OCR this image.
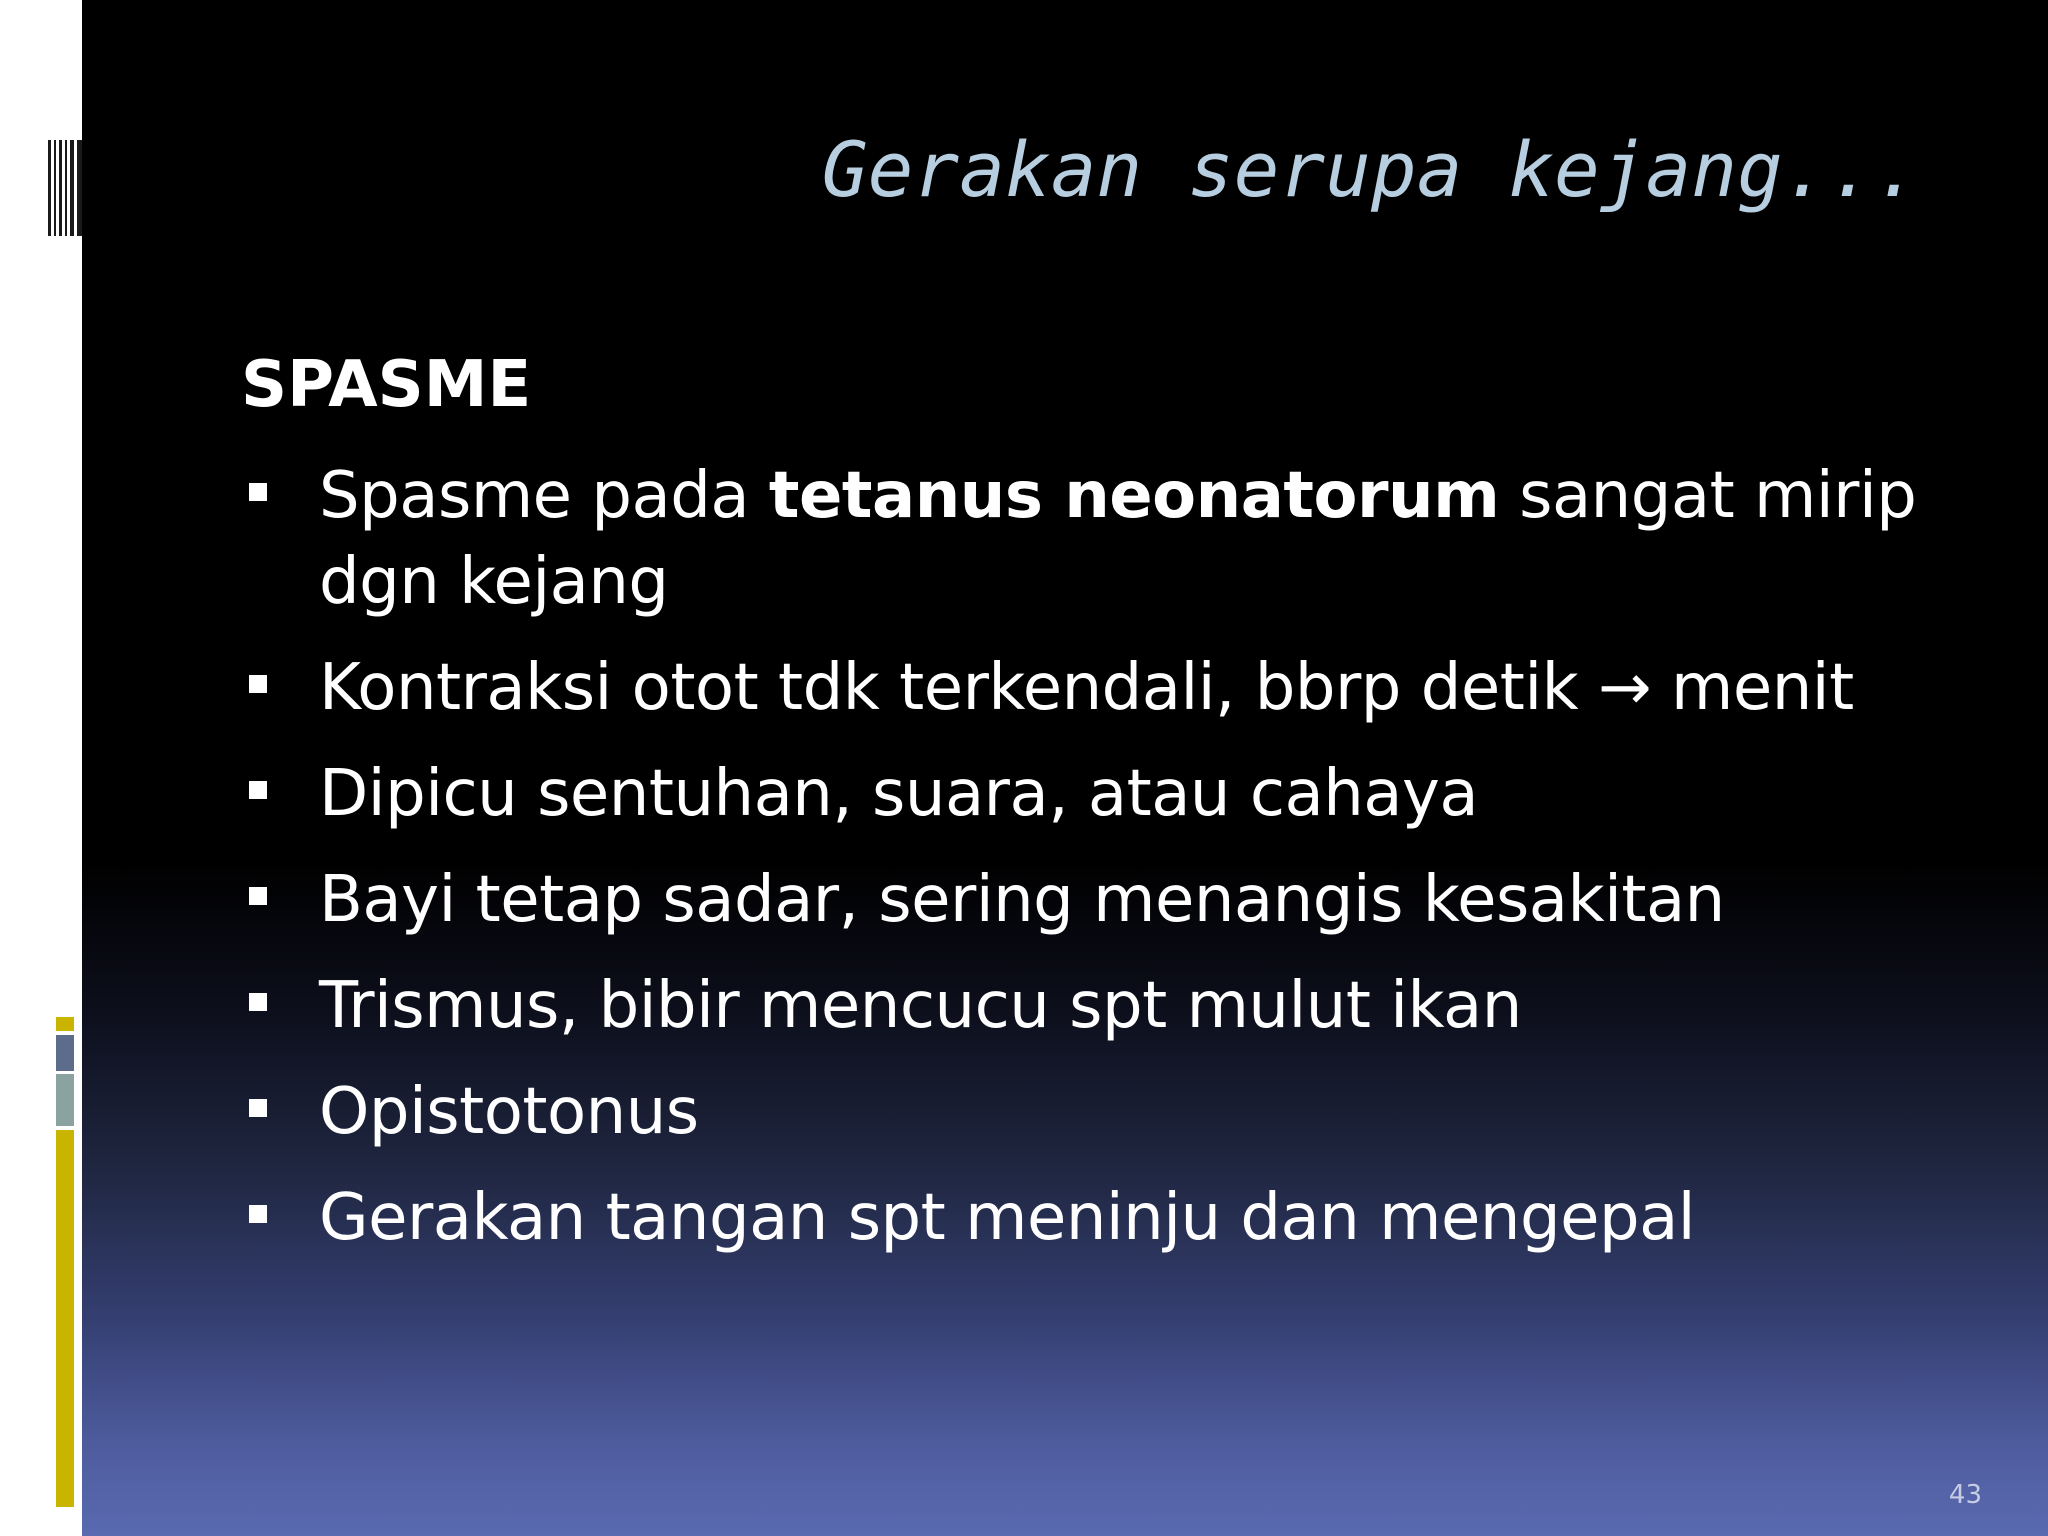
Gerakan serupa kejang...
SPASME
Spasme pada tetanus neonatorum sangat mirip dgn kejang
Kontraksi otot tdk terkendali, bbrp detik → menit
Dipicu sentuhan, suara, atau cahaya
Bayi tetap sadar, sering menangis kesakitan
Trismus, bibir mencucu spt mulut ikan
Opistotonus
Gerakan tangan spt meninju dan mengepal
43
